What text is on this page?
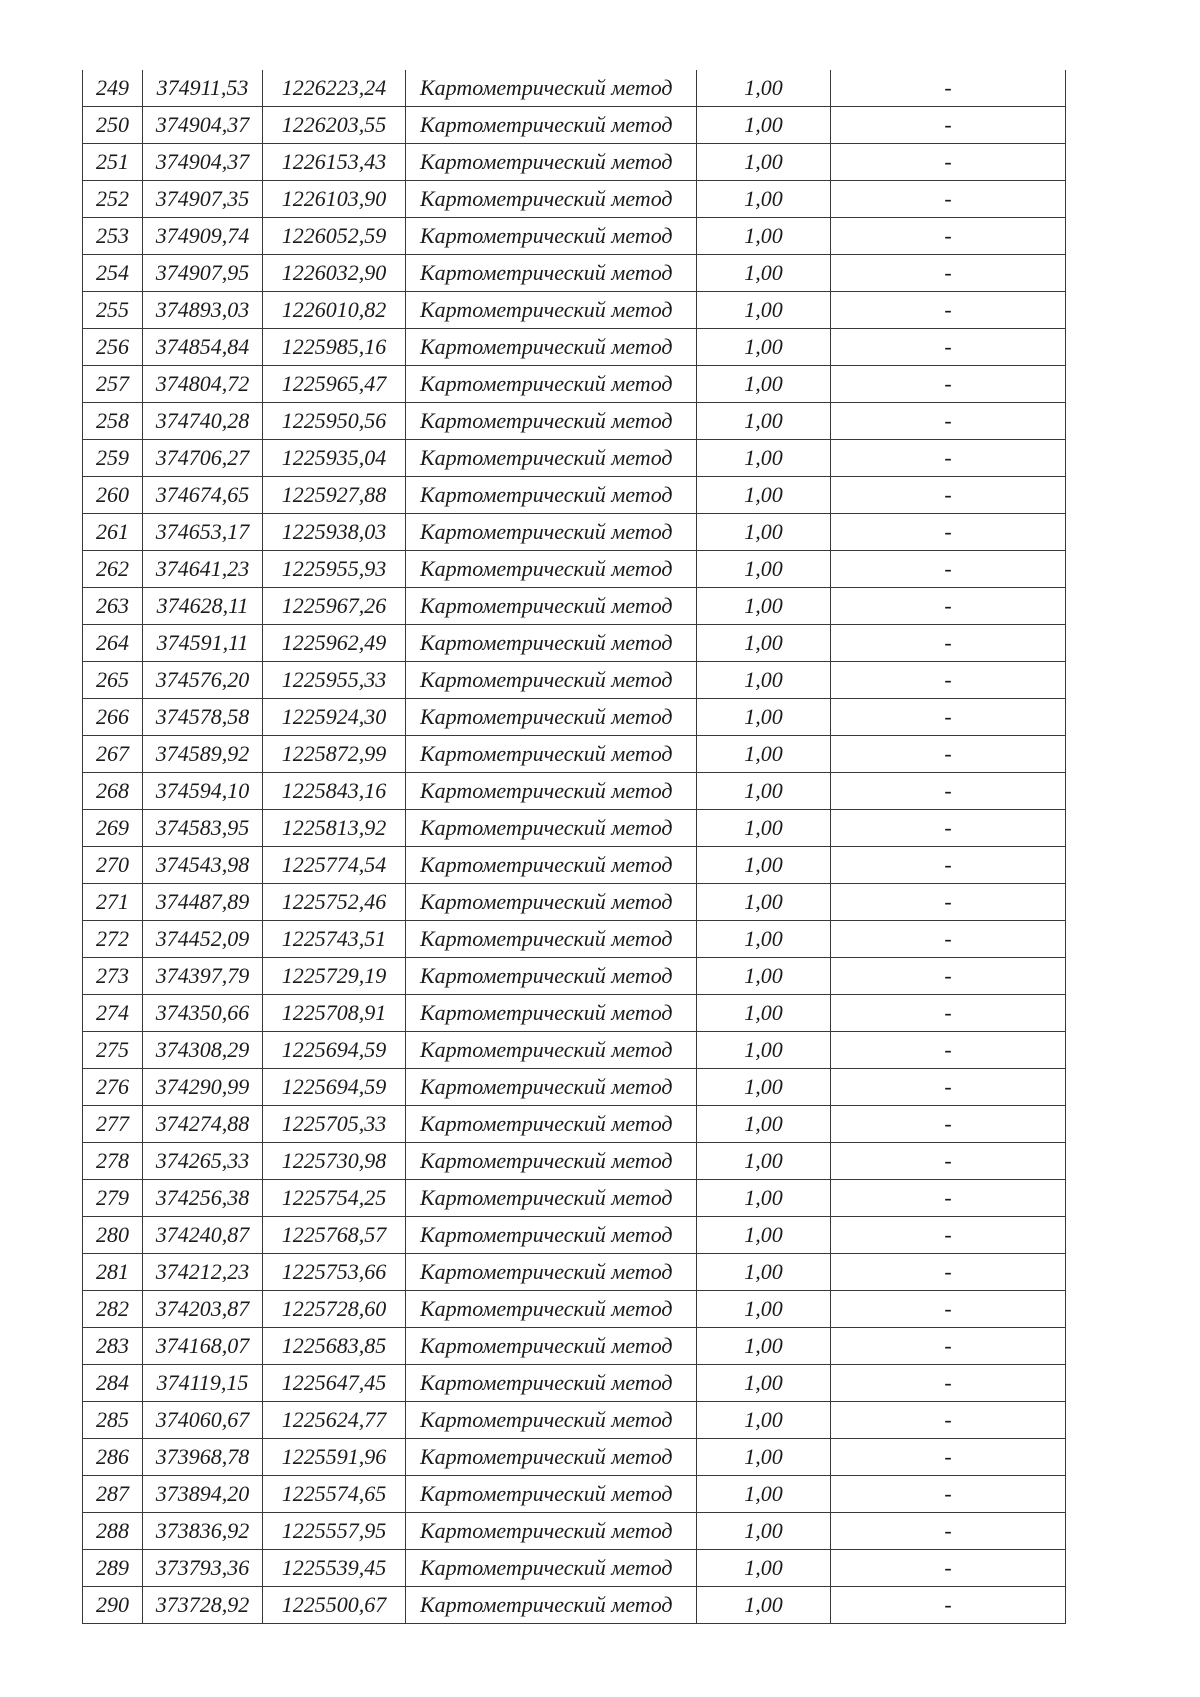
249	374911,53	1226223,24	Картометрический метод	1,00	-
250	374904,37	1226203,55	Картометрический метод	1,00	-
251	374904,37	1226153,43	Картометрический метод	1,00	-
252	374907,35	1226103,90	Картометрический метод	1,00	-
253	374909,74	1226052,59	Картометрический метод	1,00	-
254	374907,95	1226032,90	Картометрический метод	1,00	-
255	374893,03	1226010,82	Картометрический метод	1,00	-
256	374854,84	1225985,16	Картометрический метод	1,00	-
257	374804,72	1225965,47	Картометрический метод	1,00	-
258	374740,28	1225950,56	Картометрический метод	1,00	-
259	374706,27	1225935,04	Картометрический метод	1,00	-
260	374674,65	1225927,88	Картометрический метод	1,00	-
261	374653,17	1225938,03	Картометрический метод	1,00	-
262	374641,23	1225955,93	Картометрический метод	1,00	-
263	374628,11	1225967,26	Картометрический метод	1,00	-
264	374591,11	1225962,49	Картометрический метод	1,00	-
265	374576,20	1225955,33	Картометрический метод	1,00	-
266	374578,58	1225924,30	Картометрический метод	1,00	-
267	374589,92	1225872,99	Картометрический метод	1,00	-
268	374594,10	1225843,16	Картометрический метод	1,00	-
269	374583,95	1225813,92	Картометрический метод	1,00	-
270	374543,98	1225774,54	Картометрический метод	1,00	-
271	374487,89	1225752,46	Картометрический метод	1,00	-
272	374452,09	1225743,51	Картометрический метод	1,00	-
273	374397,79	1225729,19	Картометрический метод	1,00	-
274	374350,66	1225708,91	Картометрический метод	1,00	-
275	374308,29	1225694,59	Картометрический метод	1,00	-
276	374290,99	1225694,59	Картометрический метод	1,00	-
277	374274,88	1225705,33	Картометрический метод	1,00	-
278	374265,33	1225730,98	Картометрический метод	1,00	-
279	374256,38	1225754,25	Картометрический метод	1,00	-
280	374240,87	1225768,57	Картометрический метод	1,00	-
281	374212,23	1225753,66	Картометрический метод	1,00	-
282	374203,87	1225728,60	Картометрический метод	1,00	-
283	374168,07	1225683,85	Картометрический метод	1,00	-
284	374119,15	1225647,45	Картометрический метод	1,00	-
285	374060,67	1225624,77	Картометрический метод	1,00	-
286	373968,78	1225591,96	Картометрический метод	1,00	-
287	373894,20	1225574,65	Картометрический метод	1,00	-
288	373836,92	1225557,95	Картометрический метод	1,00	-
289	373793,36	1225539,45	Картометрический метод	1,00	-
290	373728,92	1225500,67	Картометрический метод	1,00	-
